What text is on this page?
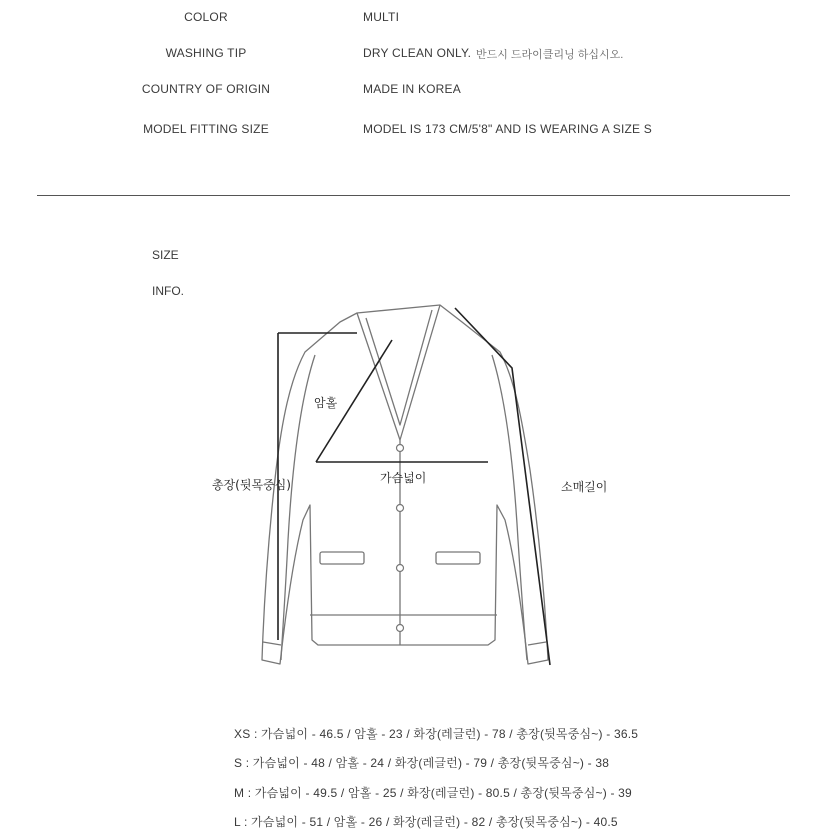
COLOR	MULTI
WASHING TIP	DRY CLEAN ONLY. 반드시 드라이클리닝 하십시오.
COUNTRY OF ORIGIN	MADE IN KOREA
MODEL FITTING SIZE	MODEL IS 173 CM/5'8" AND IS WEARING A SIZE S
SIZE
INFO.
암홀
가슴넓이
총장(뒷목중심)	소매길이
XS : 가슴넓이 - 46.5 / 암홀 - 23 / 화장(레글런) - 78 / 총장(뒷목중심~) - 36.5
S : 가슴넓이 - 48 / 암홀 - 24 / 화장(레글런) - 79 / 총장(뒷목중심~) - 38
M : 가슴넓이 - 49.5 / 암홀 - 25 / 화장(레글런) - 80.5 / 총장(뒷목중심~) - 39
L : 가슴넓이 - 51 / 암홀 - 26 / 화장(레글런) - 82 / 총장(뒷목중심~) - 40.5
